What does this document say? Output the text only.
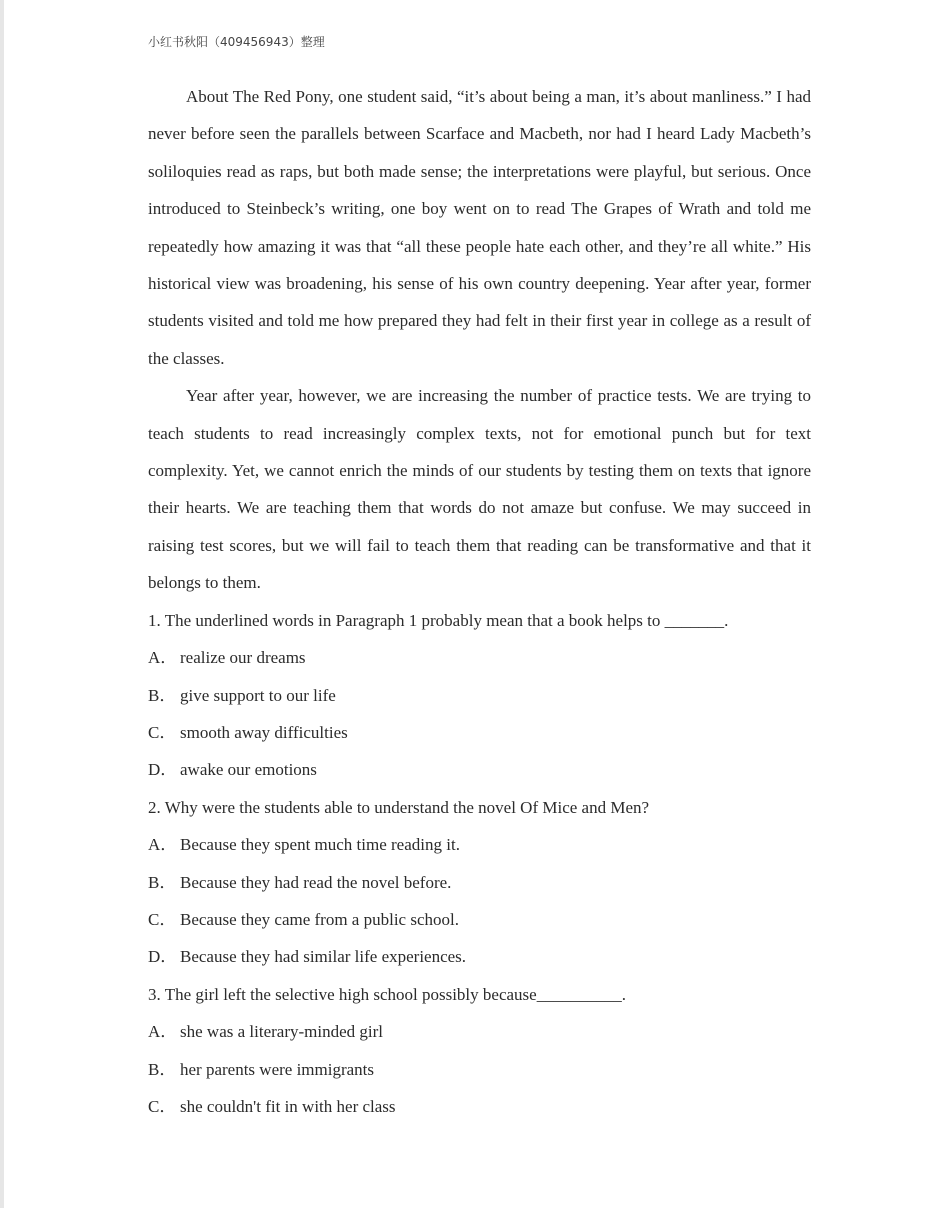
小红书秋阳（409456943）整理

About The Red Pony, one student said, “it’s about being a man, it’s about manliness.” I had never before seen the parallels between Scarface and Macbeth, nor had I heard Lady Macbeth’s soliloquies read as raps, but both made sense; the interpretations were playful, but serious. Once introduced to Steinbeck’s writing, one boy went on to read The Grapes of Wrath and told me repeatedly how amazing it was that “all these people hate each other, and they’re all white.” His historical view was broadening, his sense of his own country deepening. Year after year, former students visited and told me how prepared they had felt in their first year in college as a result of the classes.

Year after year, however, we are increasing the number of practice tests. We are trying to teach students to read increasingly complex texts, not for emotional punch but for text complexity. Yet, we cannot enrich the minds of our students by testing them on texts that ignore their hearts. We are teaching them that words do not amaze but confuse. We may succeed in raising test scores, but we will fail to teach them that reading can be transformative and that it belongs to them.

1. The underlined words in Paragraph 1 probably mean that a book helps to _______.

A． realize our dreams

B． give support to our life

C． smooth away difficulties

D． awake our emotions

2. Why were the students able to understand the novel Of Mice and Men?

A． Because they spent much time reading it.

B． Because they had read the novel before.

C． Because they came from a public school.

D． Because they had similar life experiences.

3. The girl left the selective high school possibly because__________.

A． she was a literary-minded girl

B． her parents were immigrants

C． she couldn't fit in with her class
